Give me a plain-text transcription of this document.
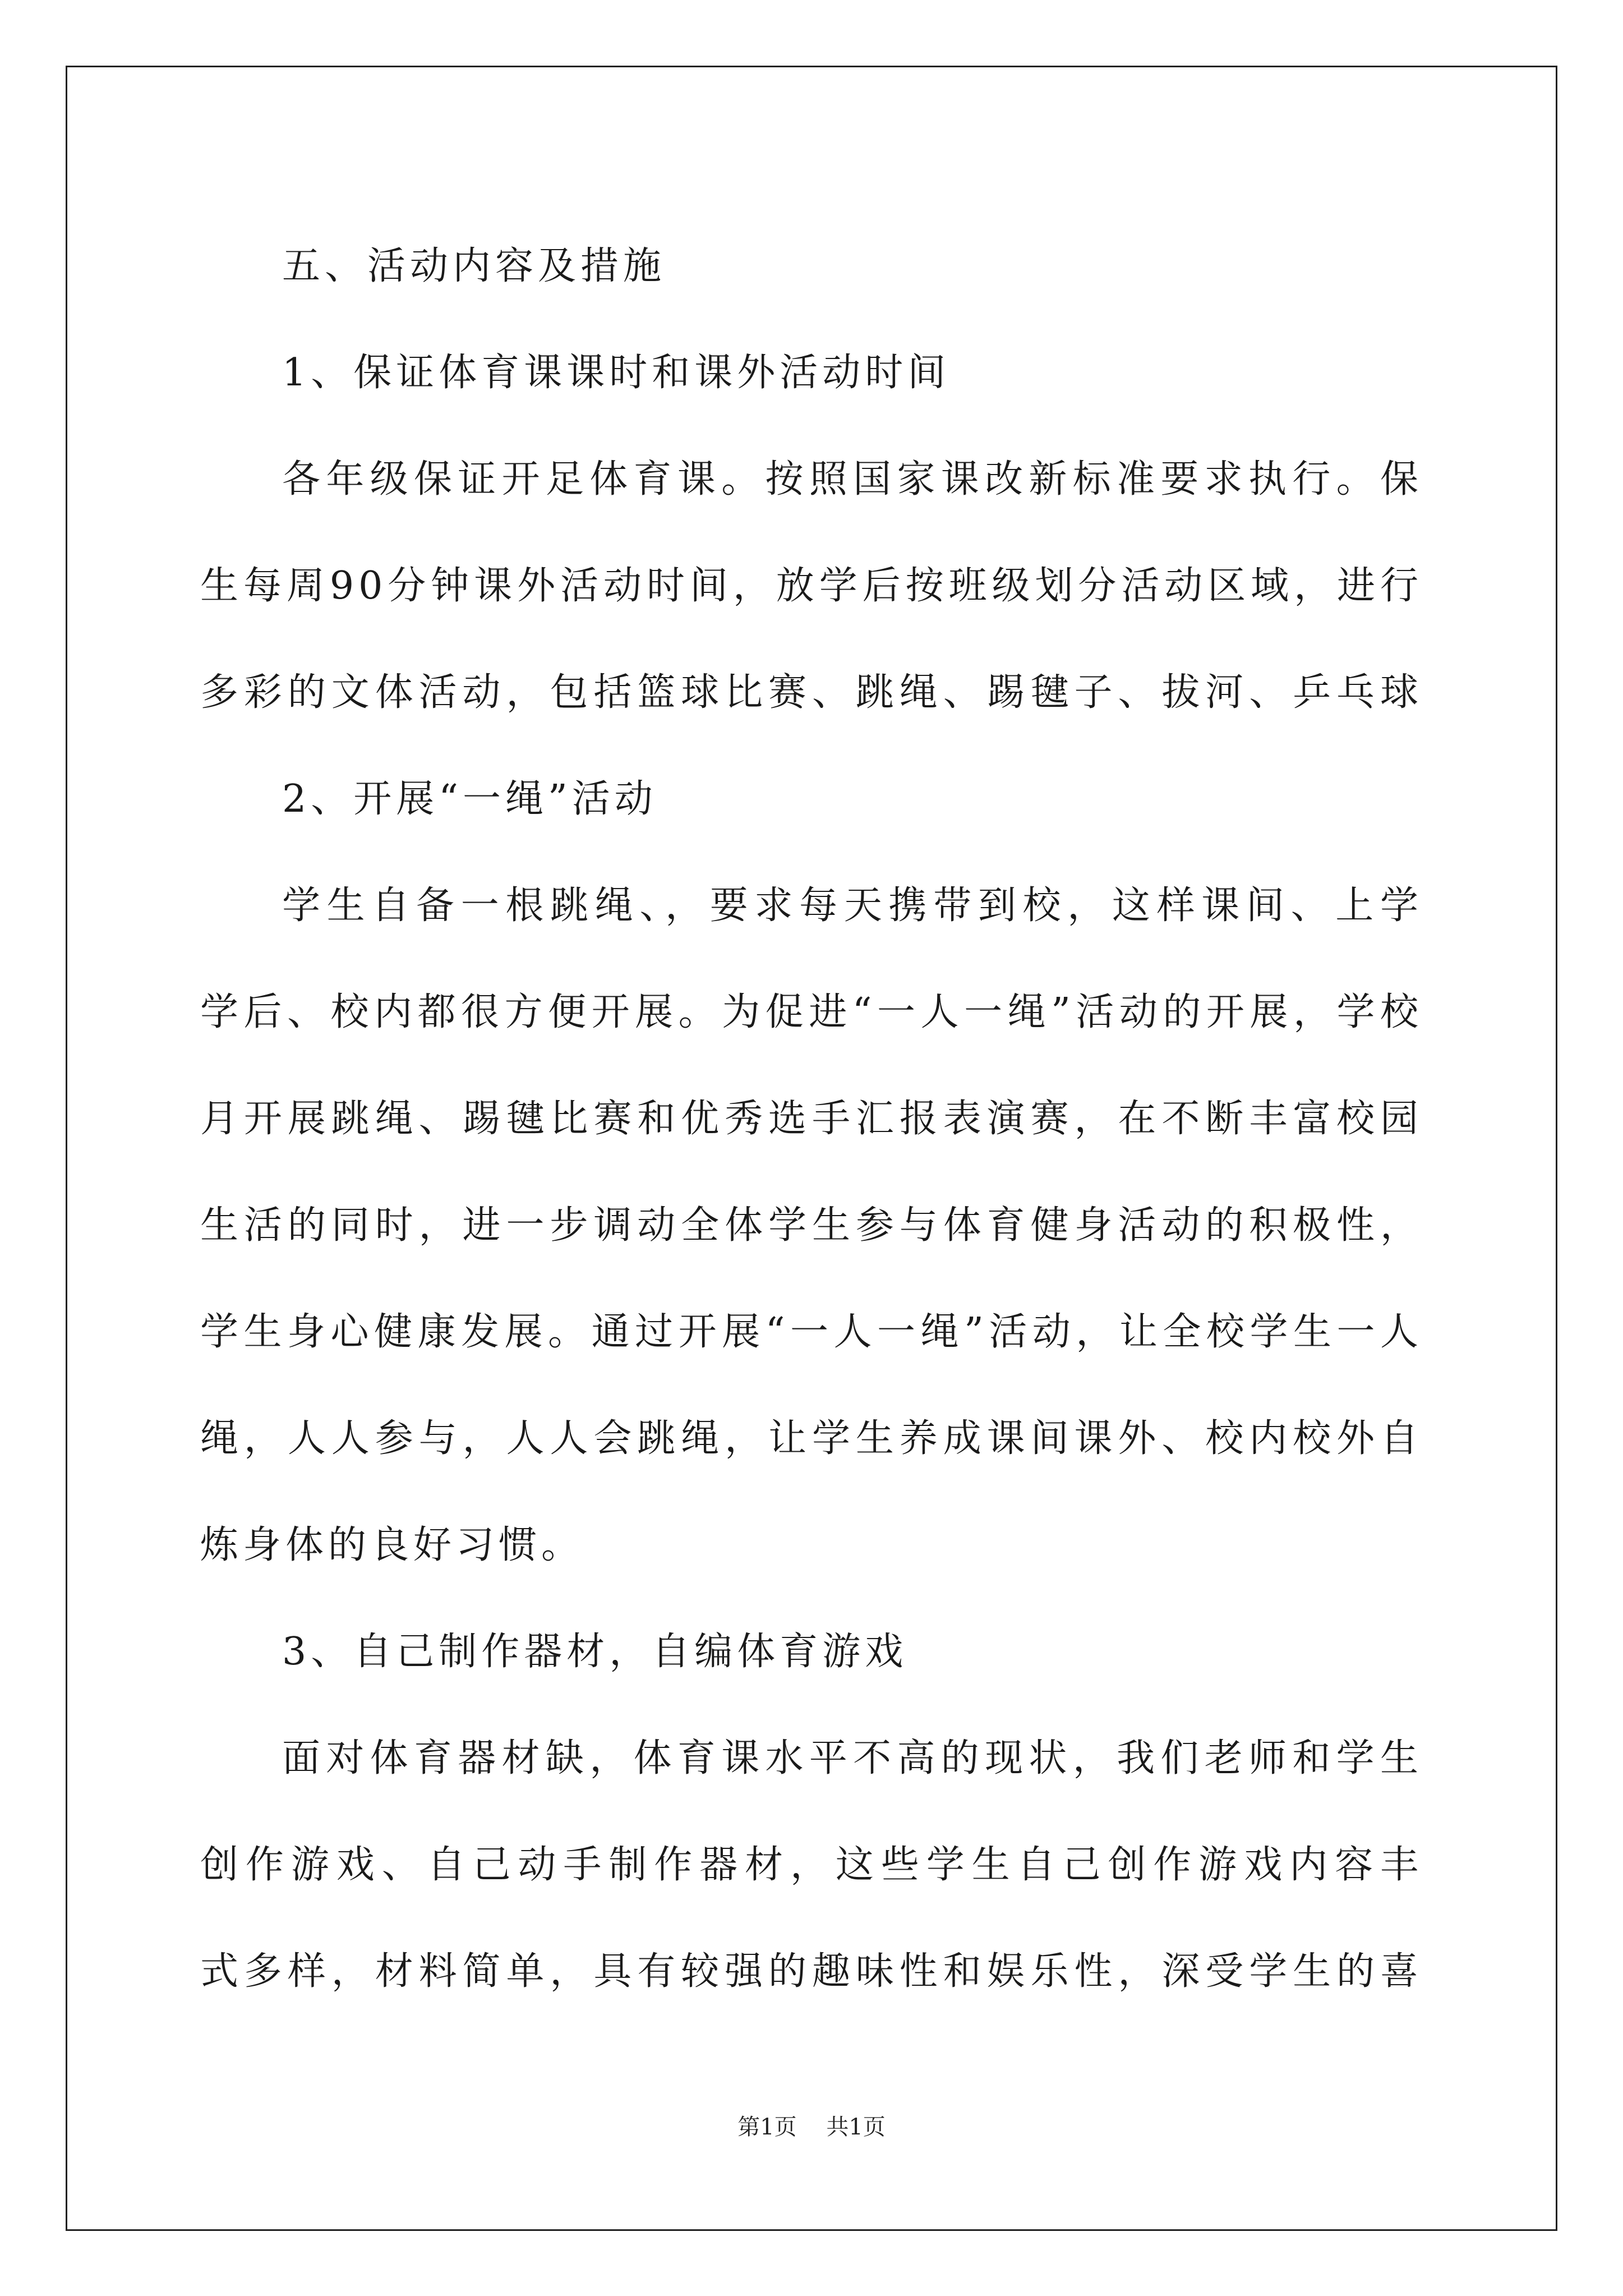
五、活动内容及措施
1、保证体育课课时和课外活动时间
各年级保证开足体育课。按照国家课改新标准要求执行。保
生每周90分钟课外活动时间，放学后按班级划分活动区域，进行
多彩的文体活动，包括篮球比赛、跳绳、踢毽子、拔河、乒乓球
2、开展“一绳”活动
学生自备一根跳绳、，要求每天携带到校，这样课间、上学
学后、校内都很方便开展。为促进“一人一绳”活动的开展，学校
月开展跳绳、踢毽比赛和优秀选手汇报表演赛，在不断丰富校园
生活的同时，进一步调动全体学生参与体育健身活动的积极性，
学生身心健康发展。通过开展“一人一绳”活动，让全校学生一人
绳，人人参与，人人会跳绳，让学生养成课间课外、校内校外自
炼身体的良好习惯。
3、自己制作器材，自编体育游戏
面对体育器材缺，体育课水平不高的现状，我们老师和学生
创作游戏、自己动手制作器材，这些学生自己创作游戏内容丰
式多样，材料简单，具有较强的趣味性和娱乐性，深受学生的喜
第1页 共1页
